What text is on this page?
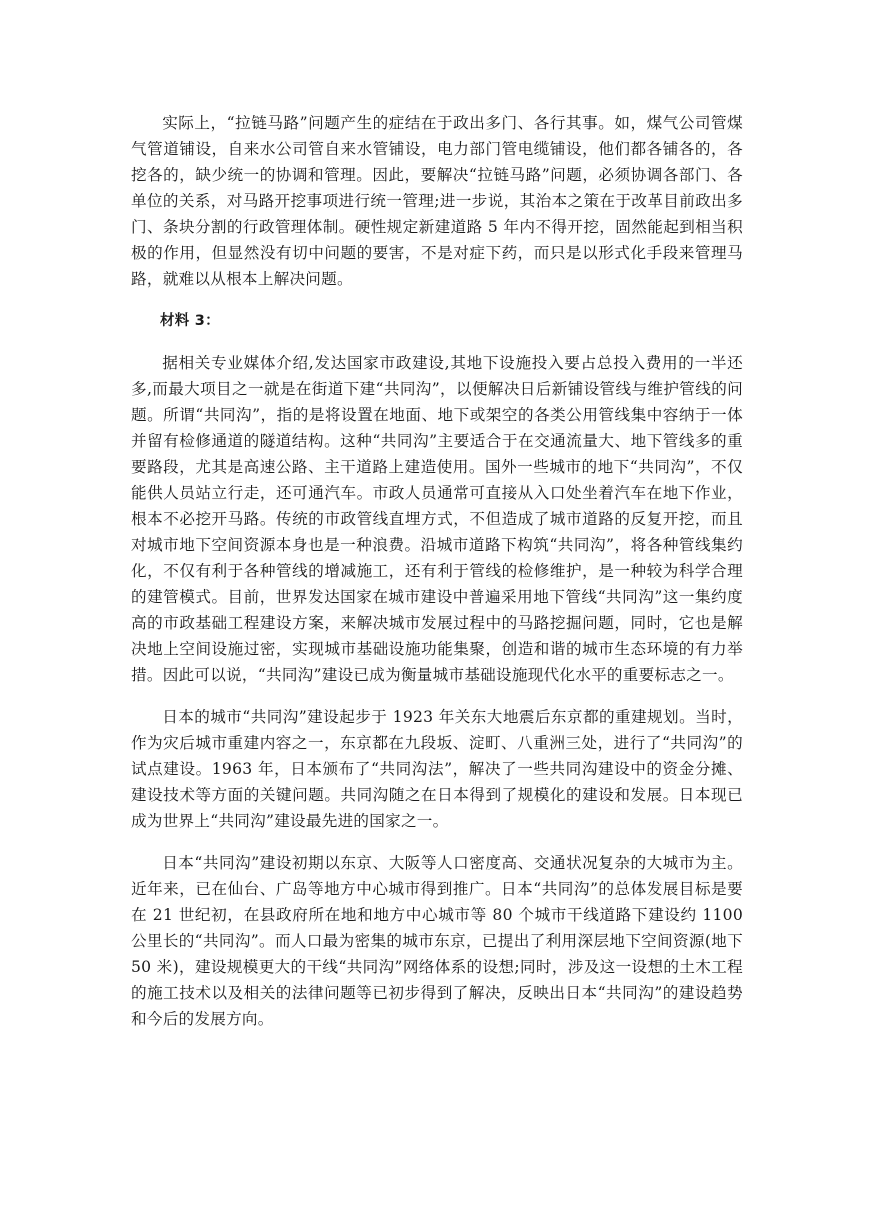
实际上，“拉链马路”问题产生的症结在于政出多门、各行其事。如，煤气公司管煤气管道铺设，自来水公司管自来水管铺设，电力部门管电缆铺设，他们都各铺各的，各挖各的，缺少统一的协调和管理。因此，要解决“拉链马路”问题，必须协调各部门、各单位的关系，对马路开挖事项进行统一管理;进一步说，其治本之策在于改革目前政出多门、条块分割的行政管理体制。硬性规定新建道路 5 年内不得开挖，固然能起到相当积极的作用，但显然没有切中问题的要害，不是对症下药，而只是以形式化手段来管理马路，就难以从根本上解决问题。

材料 3：

据相关专业媒体介绍,发达国家市政建设,其地下设施投入要占总投入费用的一半还多,而最大项目之一就是在街道下建“共同沟”，以便解决日后新铺设管线与维护管线的问题。所谓“共同沟”，指的是将设置在地面、地下或架空的各类公用管线集中容纳于一体并留有检修通道的隧道结构。这种“共同沟”主要适合于在交通流量大、地下管线多的重要路段，尤其是高速公路、主干道路上建造使用。国外一些城市的地下“共同沟”，不仅能供人员站立行走，还可通汽车。市政人员通常可直接从入口处坐着汽车在地下作业，根本不必挖开马路。传统的市政管线直埋方式，不但造成了城市道路的反复开挖，而且对城市地下空间资源本身也是一种浪费。沿城市道路下构筑“共同沟”，将各种管线集约化，不仅有利于各种管线的增减施工，还有利于管线的检修维护，是一种较为科学合理的建管模式。目前，世界发达国家在城市建设中普遍采用地下管线“共同沟”这一集约度高的市政基础工程建设方案，来解决城市发展过程中的马路挖掘问题，同时，它也是解决地上空间设施过密，实现城市基础设施功能集聚，创造和谐的城市生态环境的有力举措。因此可以说，“共同沟”建设已成为衡量城市基础设施现代化水平的重要标志之一。

日本的城市“共同沟”建设起步于 1923 年关东大地震后东京都的重建规划。当时，作为灾后城市重建内容之一，东京都在九段坂、淀町、八重洲三处，进行了“共同沟”的试点建设。1963 年，日本颁布了“共同沟法”，解决了一些共同沟建设中的资金分摊、建设技术等方面的关键问题。共同沟随之在日本得到了规模化的建设和发展。日本现已成为世界上“共同沟”建设最先进的国家之一。

日本“共同沟”建设初期以东京、大阪等人口密度高、交通状况复杂的大城市为主。近年来，已在仙台、广岛等地方中心城市得到推广。日本“共同沟”的总体发展目标是要在 21 世纪初，在县政府所在地和地方中心城市等 80 个城市干线道路下建设约 1100 公里长的“共同沟”。而人口最为密集的城市东京，已提出了利用深层地下空间资源(地下 50 米)，建设规模更大的干线“共同沟”网络体系的设想;同时，涉及这一设想的土木工程的施工技术以及相关的法律问题等已初步得到了解决，反映出日本“共同沟”的建设趋势和今后的发展方向。
